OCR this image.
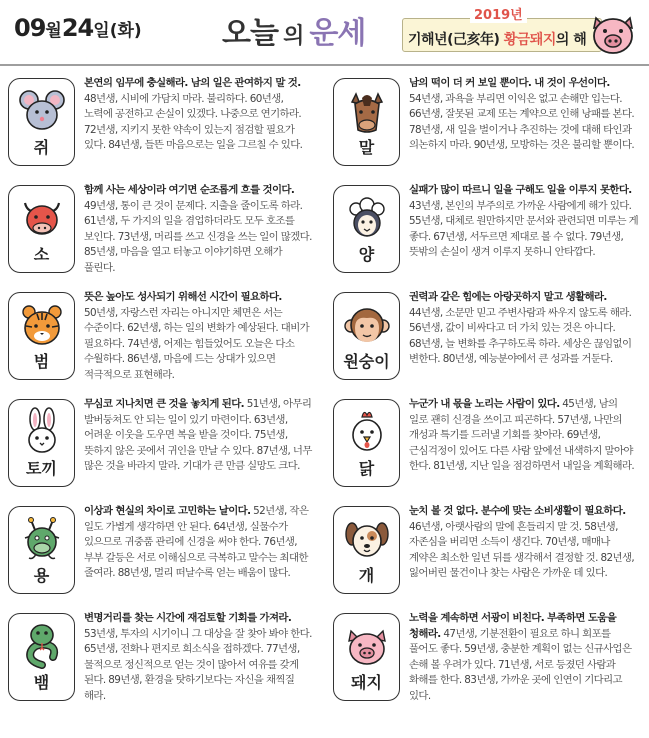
09월24일(화)	오늘 의 운세
2019년
기해년(己亥年) 황금돼지의 해
쥐
본연의 임무에 충실해라. 남의 일은 관여하지 말 것. 48년생, 시비에 가담치 마라. 불리하다. 60년생, 노력에 공전하고 손실이 있겠다. 나중으로 연기하라. 72년생, 지키지 못한 약속이 있는지 점검할 필요가 있다. 84년생, 들뜬 마음으로는 일을 그르칠 수 있다.	말
남의 떡이 더 커 보일 뿐이다. 내 것이 우선이다. 54년생, 과욕을 부리면 이익은 없고 손해만 입는다. 66년생, 잘못된 교제 또는 계약으로 인해 낭패를 본다. 78년생, 새 일을 벌이거나 추진하는 것에 대해 타인과 의논하지 마라. 90년생, 모방하는 것은 불리할 뿐이다.
소
함께 사는 세상이라 여기면 순조롭게 흐를 것이다. 49년생, 통이 큰 것이 문제다. 지출을 줄이도록 하라. 61년생, 두 가지의 일을 겸업하더라도 모두 호조를 보인다. 73년생, 머리를 쓰고 신경을 쓰는 일이 많겠다. 85년생, 마음을 열고 터놓고 이야기하면 오해가 풀린다.
양
실패가 많이 따르니 일을 구해도 일을 이루지 못한다. 43년생, 본인의 부주의로 가까운 사람에게 해가 있다. 55년생, 대체로 원만하지만 문서와 관련되면 미루는 게 좋다. 67년생, 서두르면 제대로 볼 수 없다. 79년생, 뜻밖의 손실이 생겨 이루지 못하니 안타깝다.
범
뜻은 높아도 성사되기 위해선 시간이 필요하다. 50년생, 자랑스런 자리는 아니지만 체면은 서는 수준이다. 62년생, 하는 일의 변화가 예상된다. 대비가 필요하다. 74년생, 어제는 힘들었어도 오늘은 다소 수월하다. 86년생, 마음에 드는 상대가 있으면 적극적으로 표현해라.
원숭이
권력과 같은 힘에는 아랑곳하지 말고 생활해라. 44년생, 소문만 믿고 주변사람과 싸우지 않도록 해라. 56년생, 값이 비싸다고 더 가치 있는 것은 아니다. 68년생, 늘 변화를 추구하도록 하라. 세상은 끊임없이 변한다. 80년생, 예능분야에서 큰 성과를 거둔다.
토끼
무심코 지나치면 큰 것을 놓치게 된다. 51년생, 아무리 발버둥쳐도 안 되는 일이 있기 마련이다. 63년생, 어려운 이웃을 도우면 복을 받을 것이다. 75년생, 뜻하지 않은 곳에서 귀인을 만날 수 있다. 87년생, 너무 많은 것을 바라지 말라. 기대가 큰 만큼 실망도 크다.	닭
누군가 내 몫을 노리는 사람이 있다. 45년생, 남의 일로 괜히 신경을 쓰이고 피곤하다. 57년생, 나만의 개성과 특기를 드러낼 기회를 찾아라. 69년생, 근심걱정이 있어도 다른 사람 앞에선 내색하지 말아야 한다. 81년생, 지난 일을 점검하면서 내일을 계획해라.
용
이상과 현실의 차이로 고민하는 날이다. 52년생, 작은 일도 가볍게 생각하면 안 된다. 64년생, 실물수가 있으므로 귀중품 관리에 신경을 써야 한다. 76년생, 부부 갈등은 서로 이해심으로 극복하고 말수는 최대한 줄여라. 88년생, 멀리 떠날수록 얻는 배움이 많다.	개
눈치 볼 것 없다. 분수에 맞는 소비생활이 필요하다. 46년생, 아랫사람의 말에 흔들리지 말 것. 58년생, 자존심을 버리면 소득이 생긴다. 70년생, 매매나 계약은 최소한 일년 뒤를 생각해서 결정할 것. 82년생, 잃어버린 물건이나 찾는 사람은 가까운 데 있다.
뱀
변명거리를 찾는 시간에 재검토할 기회를 가져라. 53년생, 투자의 시기이니 그 대상을 잘 찾아 봐야 한다. 65년생, 전화나 편지로 희소식을 접하겠다. 77년생, 물적으로 정신적으로 얻는 것이 많아서 여유를 갖게 된다. 89년생, 환경을 탓하기보다는 자신을 채찍질 해라.
돼지
노력을 계속하면 서광이 비친다. 부족하면 도움을 청해라. 47년생, 기분전환이 필요로 하니 회포를 풀어도 좋다. 59년생, 충분한 계획이 없는 신규사업은 손해 볼 우려가 있다. 71년생, 서로 등졌던 사람과 화해를 한다. 83년생, 가까운 곳에 인연이 기다리고 있다.
